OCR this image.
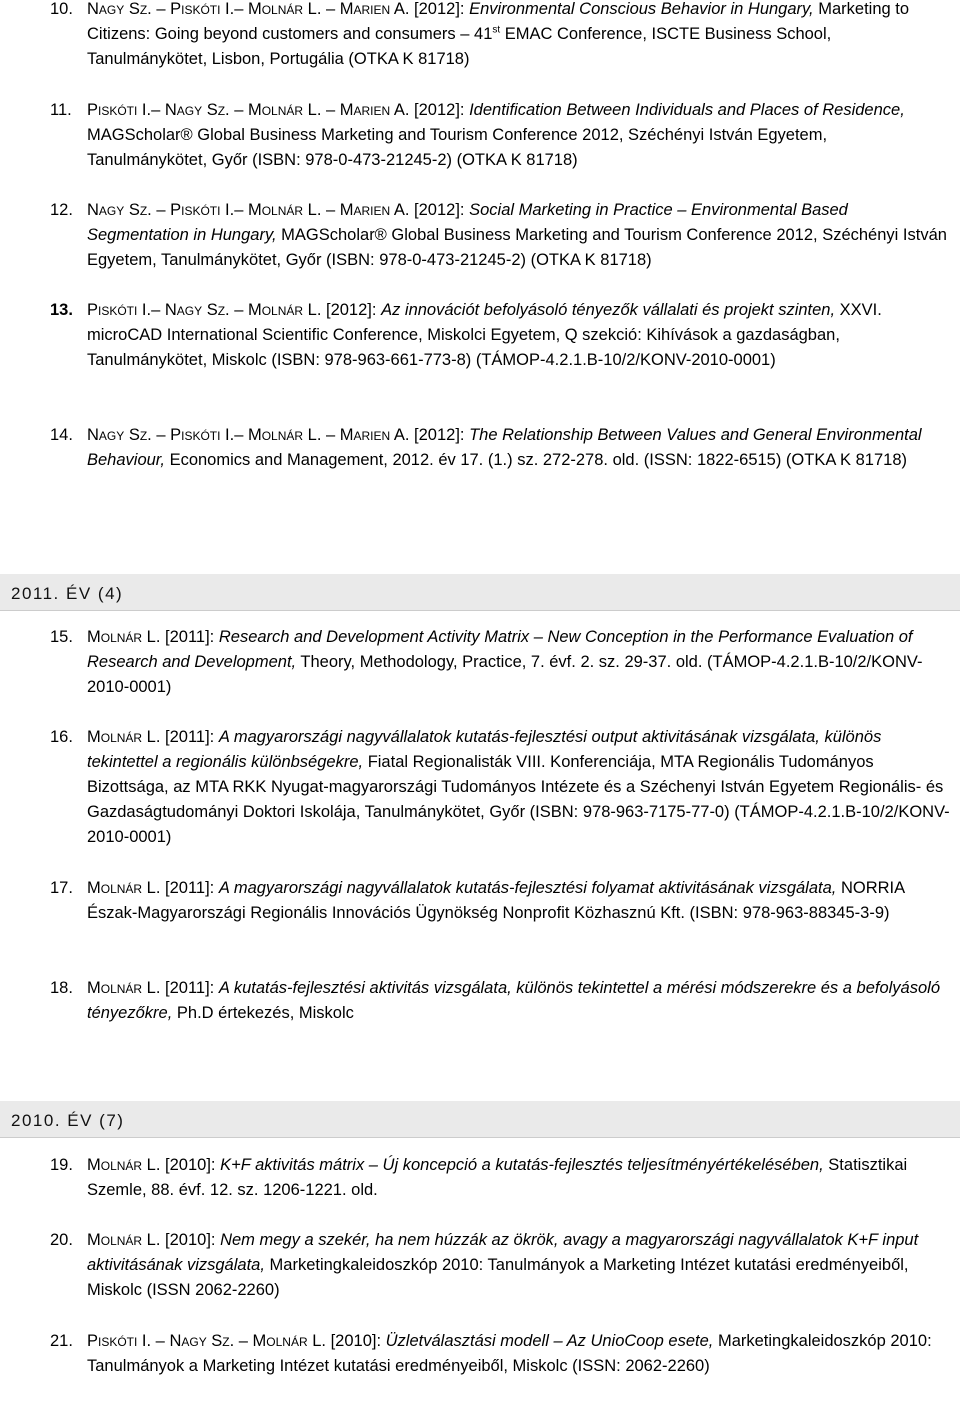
10. Nagy Sz. – Piskóti I.– Molnár L. – Marien A. [2012]: Environmental Conscious Behavior in Hungary, Marketing to Citizens: Going beyond customers and consumers – 41st EMAC Conference, ISCTE Business School, Tanulmánykötet, Lisbon, Portugália (OTKA K 81718)
11. Piskóti I.– Nagy Sz. – Molnár L. – Marien A. [2012]: Identification Between Individuals and Places of Residence, MAGScholar® Global Business Marketing and Tourism Conference 2012, Széchényi István Egyetem, Tanulmánykötet, Győr (ISBN: 978-0-473-21245-2) (OTKA K 81718)
12. Nagy Sz. – Piskóti I.– Molnár L. – Marien A. [2012]: Social Marketing in Practice – Environmental Based Segmentation in Hungary, MAGScholar® Global Business Marketing and Tourism Conference 2012, Széchényi István Egyetem, Tanulmánykötet, Győr (ISBN: 978-0-473-21245-2) (OTKA K 81718)
13. Piskóti I.– Nagy Sz. – Molnár L. [2012]: Az innovációt befolyásoló tényezők vállalati és projekt szinten, XXVI. microCAD International Scientific Conference, Miskolci Egyetem, Q szekció: Kihívások a gazdaságban, Tanulmánykötet, Miskolc (ISBN: 978-963-661-773-8) (TÁMOP-4.2.1.B-10/2/KONV-2010-0001)
14. Nagy Sz. – Piskóti I.– Molnár L. – Marien A. [2012]: The Relationship Between Values and General Environmental Behaviour, Economics and Management, 2012. év 17. (1.) sz. 272-278. old. (ISSN: 1822-6515) (OTKA K 81718)
2011. ÉV (4)
15. Molnár L. [2011]: Research and Development Activity Matrix – New Conception in the Performance Evaluation of Research and Development, Theory, Methodology, Practice, 7. évf. 2. sz. 29-37. old. (TÁMOP-4.2.1.B-10/2/KONV-2010-0001)
16. Molnár L. [2011]: A magyarországi nagyvállalatok kutatás-fejlesztési output aktivitásának vizsgálata, különös tekintettel a regionális különbségekre, Fiatal Regionalisták VIII. Konferenciája, MTA Regionális Tudományos Bizottsága, az MTA RKK Nyugat-magyarországi Tudományos Intézete és a Széchenyi István Egyetem Regionális- és Gazdaságtudományi Doktori Iskolája, Tanulmánykötet, Győr (ISBN: 978-963-7175-77-0) (TÁMOP-4.2.1.B-10/2/KONV-2010-0001)
17. Molnár L. [2011]: A magyarországi nagyvállalatok kutatás-fejlesztési folyamat aktivitásának vizsgálata, NORRIA Észak-Magyarországi Regionális Innovációs Ügynökség Nonprofit Közhasznú Kft. (ISBN: 978-963-88345-3-9)
18. Molnár L. [2011]: A kutatás-fejlesztési aktivitás vizsgálata, különös tekintettel a mérési módszerekre és a befolyásoló tényezőkre, Ph.D értekezés, Miskolc
2010. ÉV (7)
19. Molnár L. [2010]: K+F aktivitás mátrix – Új koncepció a kutatás-fejlesztés teljesítményértékelésében, Statisztikai Szemle, 88. évf. 12. sz. 1206-1221. old.
20. Molnár L. [2010]: Nem megy a szekér, ha nem húzzák az ökrök, avagy a magyarországi nagyvállalatok K+F input aktivitásának vizsgálata, Marketingkaleidoszkóp 2010: Tanulmányok a Marketing Intézet kutatási eredményeiből, Miskolc (ISSN 2062-2260)
21. Piskóti I. – Nagy Sz. – Molnár L. [2010]: Üzletválasztási modell – Az UnioCoop esete, Marketingkaleidoszkóp 2010: Tanulmányok a Marketing Intézet kutatási eredményeiből, Miskolc (ISSN: 2062-2260)
